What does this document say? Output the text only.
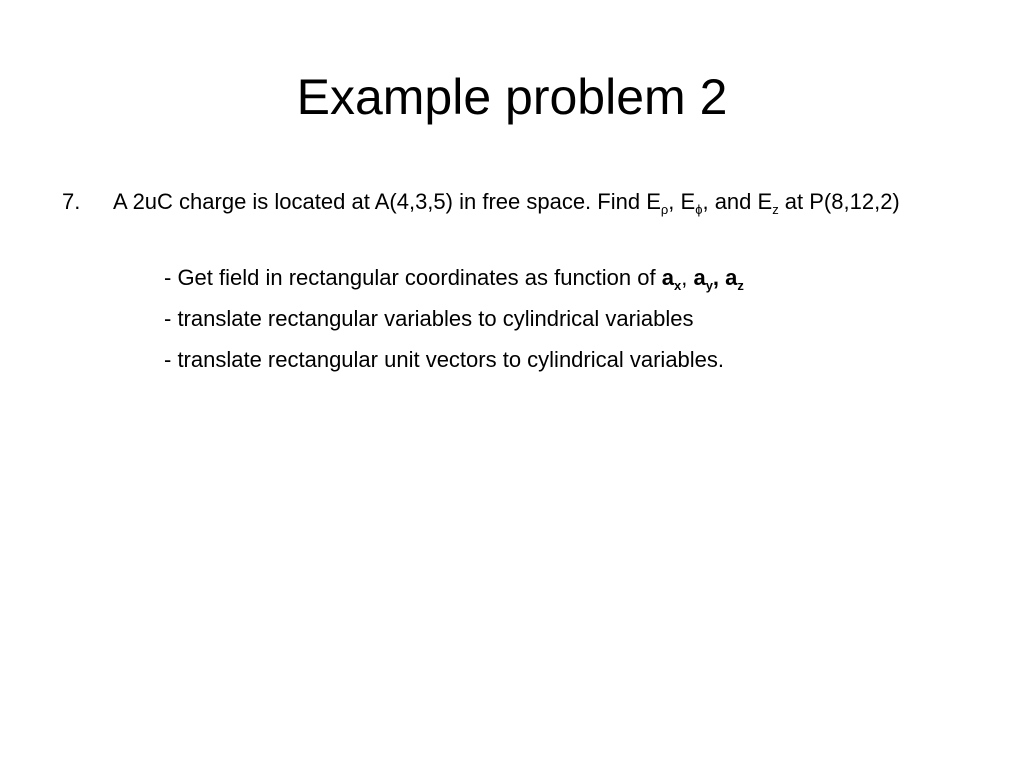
Example problem 2
7. A 2uC charge is located at A(4,3,5) in free space. Find $E_\rho$, $E_\phi$, and $E_z$ at P(8,12,2)
- Get field in rectangular coordinates as function of $a_x$, $a_y$, $a_z$
- translate rectangular variables to cylindrical variables
- translate rectangular unit vectors to cylindrical variables.
